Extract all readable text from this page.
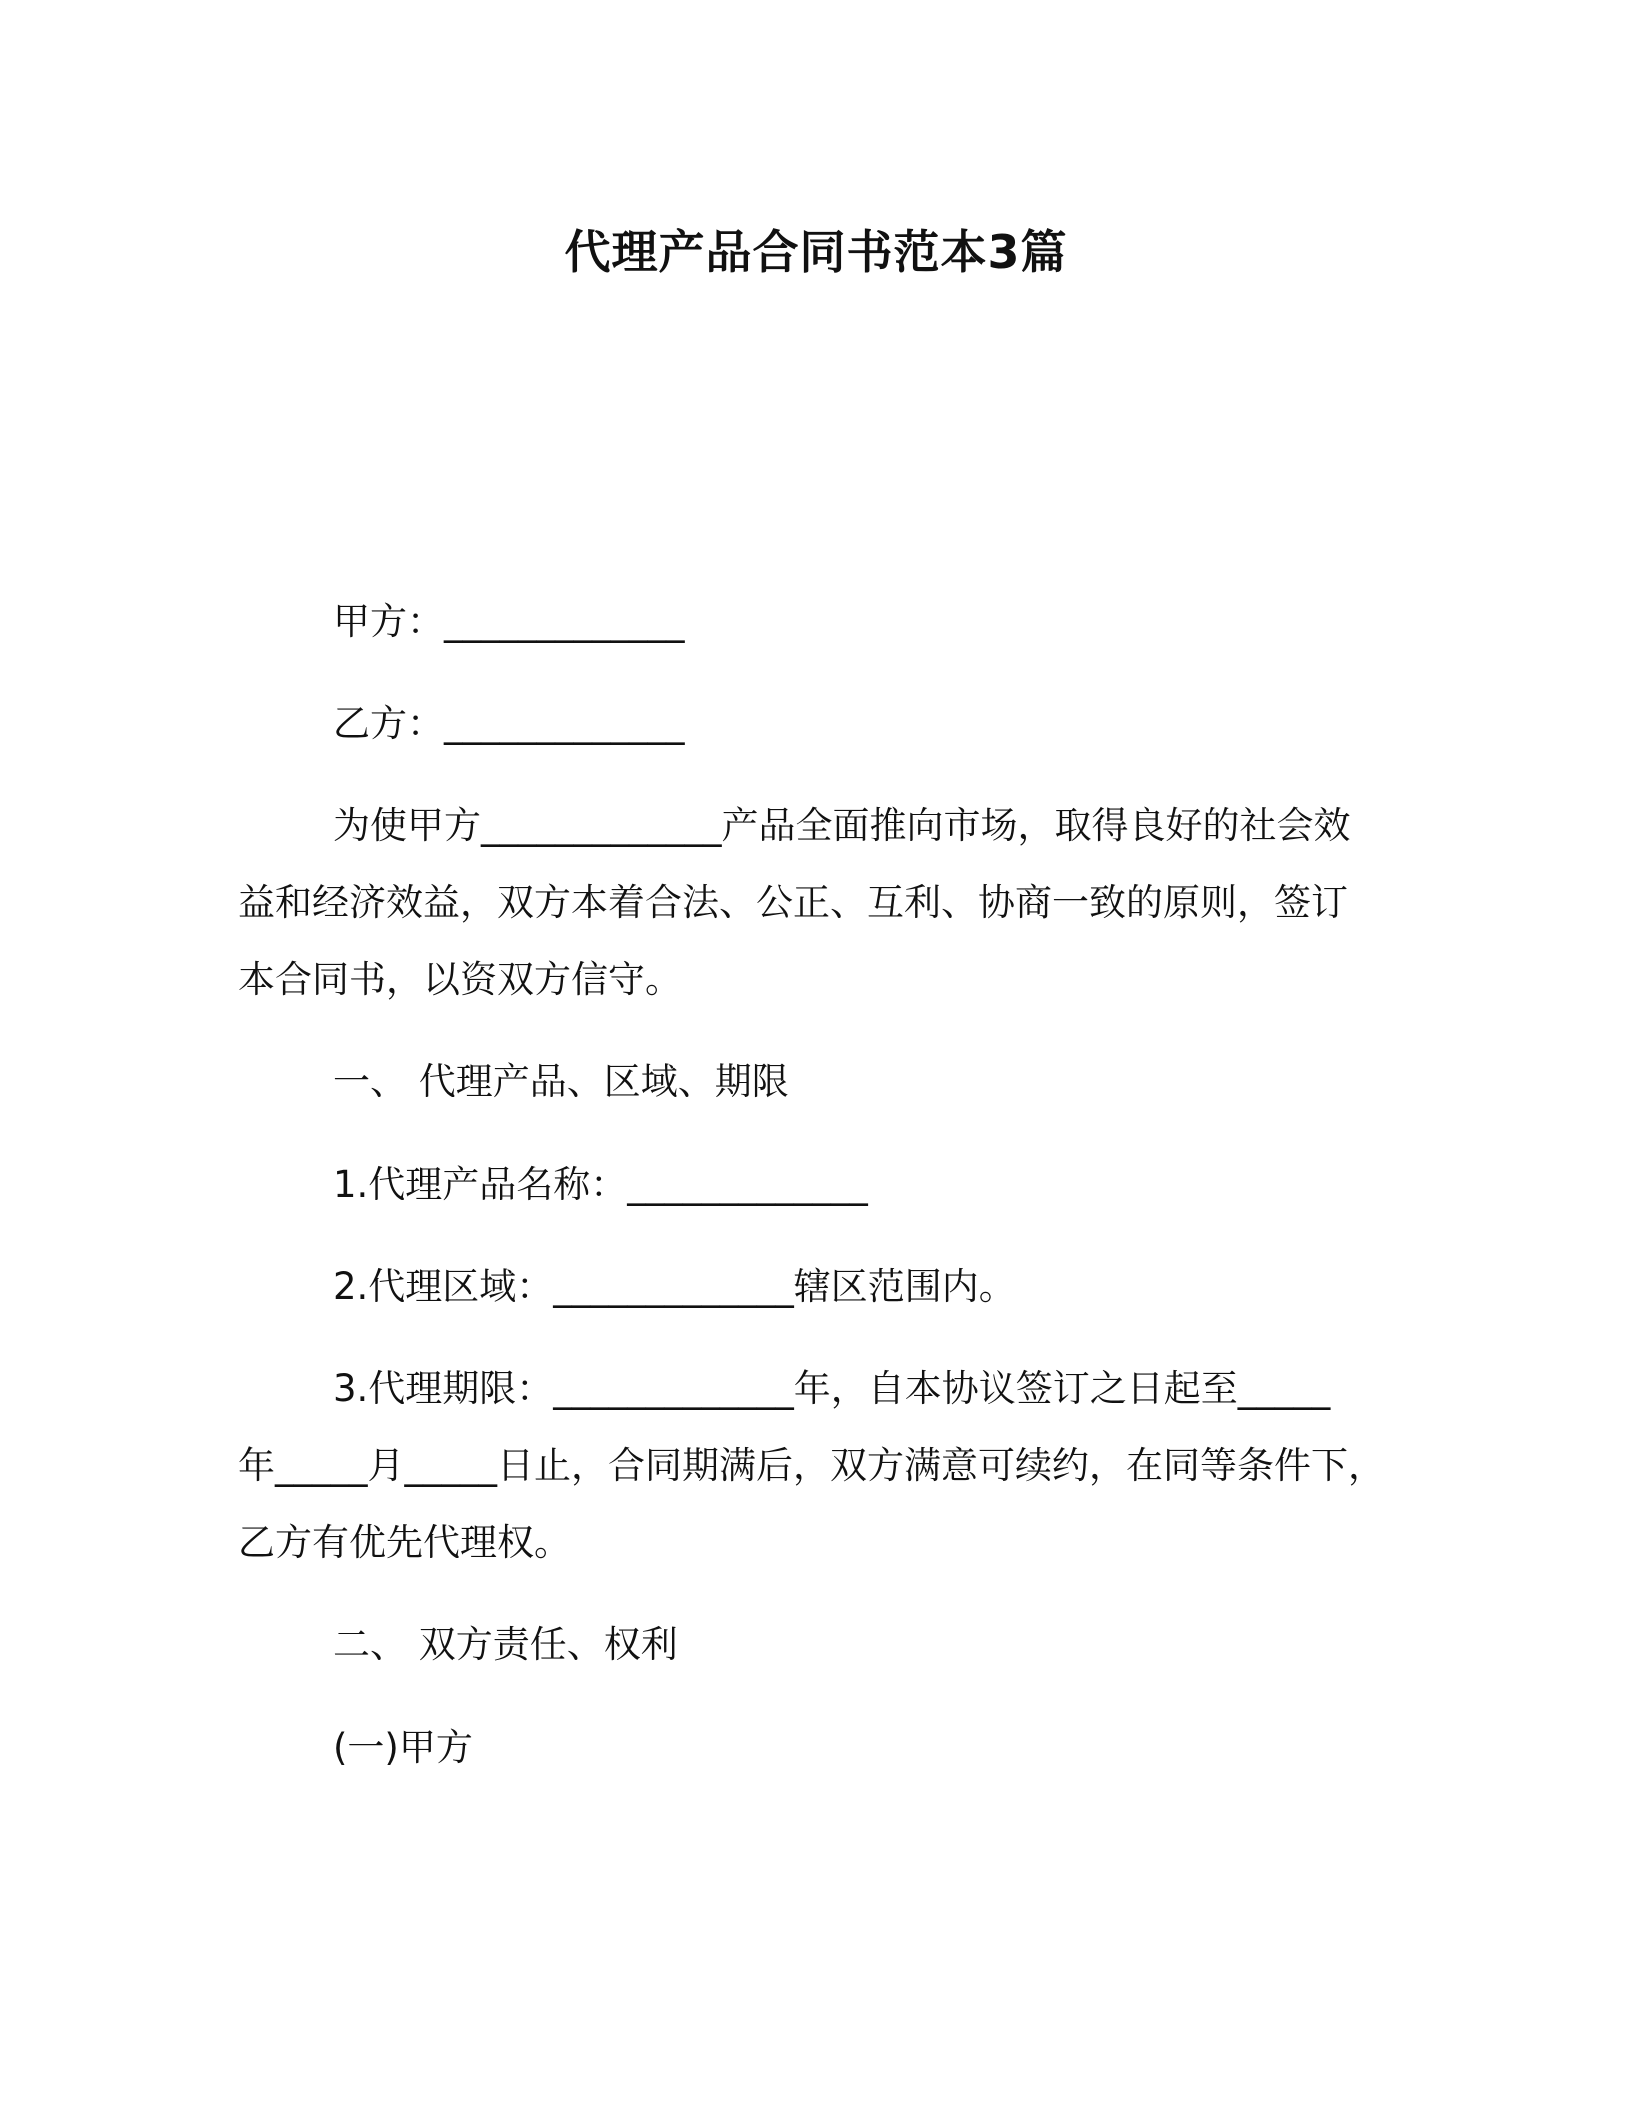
代理产品合同书范本3篇
甲方：_____________
乙方：_____________
为使甲方_____________产品全面推向市场，取得良好的社会效
益和经济效益，双方本着合法、公正、互利、协商一致的原则，签订
本合同书，以资双方信守。
一、 代理产品、区域、期限
1.代理产品名称：_____________
2.代理区域：_____________辖区范围内。
3.代理期限：_____________年，自本协议签订之日起至_____
年_____月_____日止，合同期满后，双方满意可续约，在同等条件下，
乙方有优先代理权。
二、 双方责任、权利
(一)甲方
